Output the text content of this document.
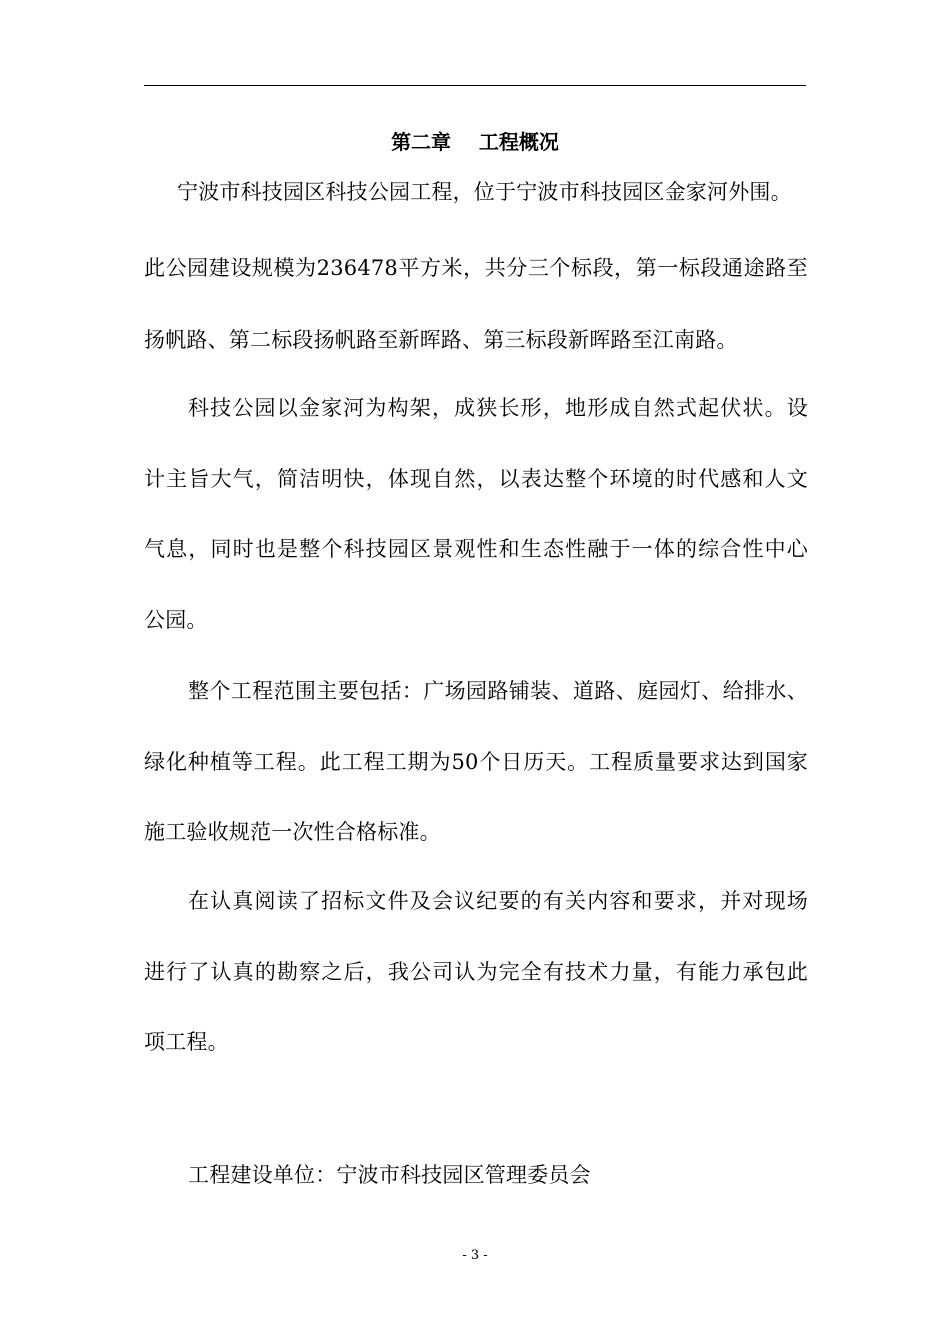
第二章    工程概况
宁波市科技园区科技公园工程，位于宁波市科技园区金家河外围。
此公园建设规模为236478平方米，共分三个标段，第一标段通途路至
扬帆路、第二标段扬帆路至新晖路、第三标段新晖路至江南路。
科技公园以金家河为构架，成狭长形，地形成自然式起伏状。设
计主旨大气，简洁明快，体现自然，以表达整个环境的时代感和人文
气息，同时也是整个科技园区景观性和生态性融于一体的综合性中心
公园。
整个工程范围主要包括：广场园路铺装、道路、庭园灯、给排水、
绿化种植等工程。此工程工期为50个日历天。工程质量要求达到国家
施工验收规范一次性合格标准。
在认真阅读了招标文件及会议纪要的有关内容和要求，并对现场
进行了认真的勘察之后，我公司认为完全有技术力量，有能力承包此
项工程。
工程建设单位：宁波市科技园区管理委员会
- 3 -
